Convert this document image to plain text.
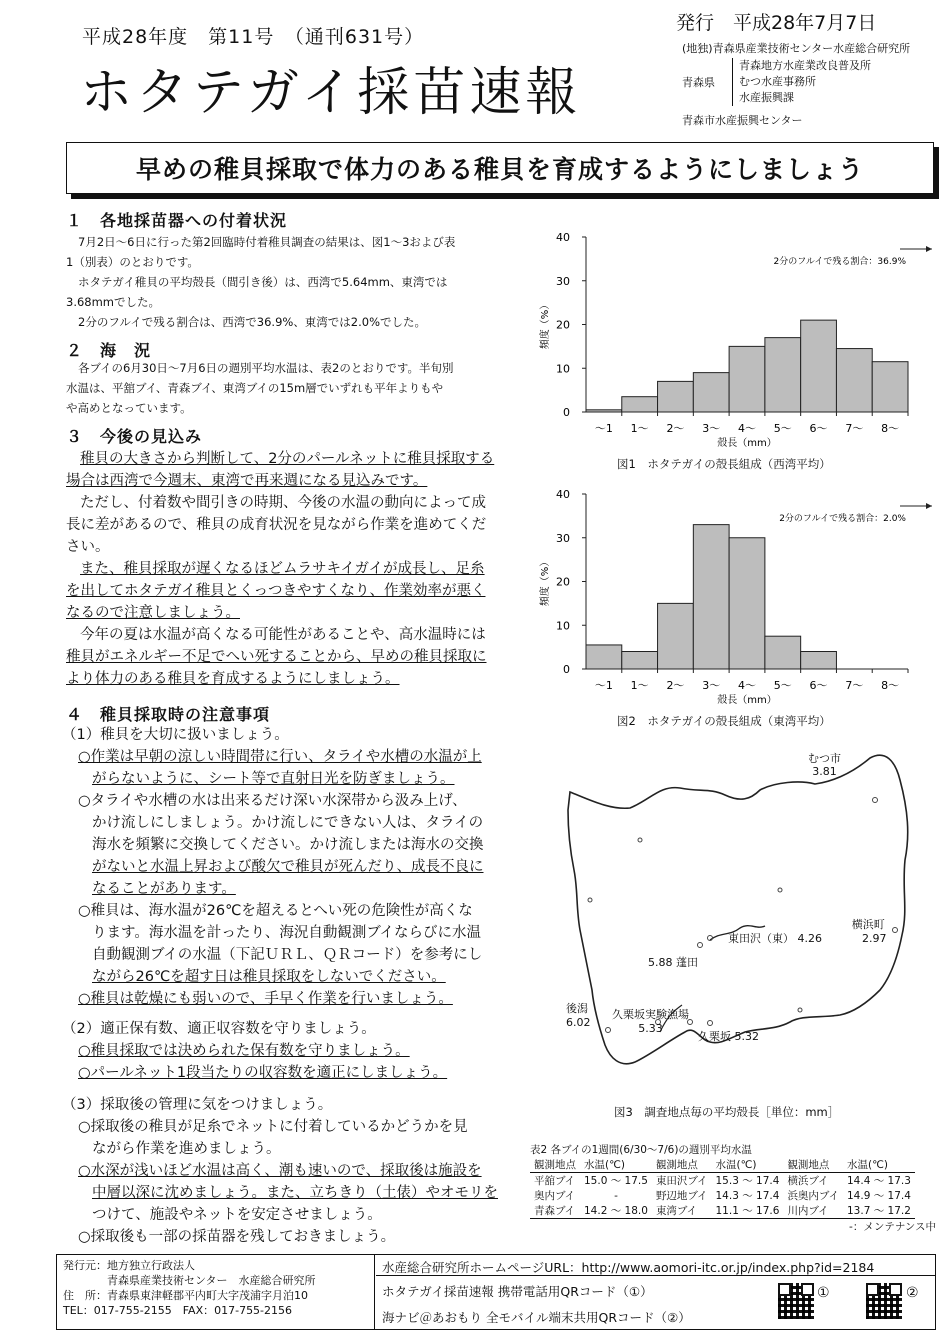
平成28年度　第11号　（通刊631号）
発行　平成28年7月7日
(地独)青森県産業技術センター水産総合研究所
青森県
青森地方水産業改良普及所
むつ水産事務所
水産振興課
青森市水産振興センター
ホタテガイ採苗速報
早めの稚貝採取で体力のある稚貝を育成するようにしましょう
１　各地採苗器への付着状況
7月2日～6日に行った第2回臨時付着稚貝調査の結果は、図1～3および表
1（別表）のとおりです。
ホタテガイ稚貝の平均殻長（間引き後）は、西湾で5.64mm、東湾では
3.68mmでした。
2分のフルイで残る割合は、西湾で36.9%、東湾では2.0%でした。
２　海　況
各ブイの6月30日～7月6日の週別平均水温は、表2のとおりです。半旬別
水温は、平舘ブイ、青森ブイ、東湾ブイの15m層でいずれも平年よりもや
や高めとなっています。
３　今後の見込み
稚貝の大きさから判断して、2分のパールネットに稚貝採取する
場合は西湾で今週末、東湾で再来週になる見込みです。
ただし、付着数や間引きの時期、今後の水温の動向によって成
長に差があるので、稚貝の成育状況を見ながら作業を進めてくだ
さい。
また、稚貝採取が遅くなるほどムラサキイガイが成長し、足糸
を出してホタテガイ稚貝とくっつきやすくなり、作業効率が悪く
なるので注意しましょう。
今年の夏は水温が高くなる可能性があることや、高水温時には
稚貝がエネルギー不足でへい死することから、早めの稚貝採取に
より体力のある稚貝を育成するようにしましょう。
４　稚貝採取時の注意事項
（1）稚貝を大切に扱いましょう。
○作業は早朝の涼しい時間帯に行い、タライや水槽の水温が上
がらないように、シート等で直射日光を防ぎましょう。
○タライや水槽の水は出来るだけ深い水深帯から汲み上げ、
かけ流しにしましょう。かけ流しにできない人は、タライの
海水を頻繁に交換してください。かけ流しまたは海水の交換
がないと水温上昇および酸欠で稚貝が死んだり、成長不良に
なることがあります。
○稚貝は、海水温が26℃を超えるとへい死の危険性が高くな
ります。海水温を計ったり、海況自動観測ブイならびに水温
自動観測ブイの水温（下記ＵＲＬ、ＱＲコード）を参考にし
ながら26℃を超す日は稚貝採取をしないでください。
○稚貝は乾燥にも弱いので、手早く作業を行いましょう。
（2）適正保有数、適正収容数を守りましょう。
○稚貝採取では決められた保有数を守りましょう。
○パールネット1段当たりの収容数を適正にしましょう。
（3）採取後の管理に気をつけましょう。
○採取後の稚貝が足糸でネットに付着しているかどうかを見
ながら作業を進めましょう。
○水深が浅いほど水温は高く、潮も速いので、採取後は施設を
中層以深に沈めましょう。また、立ちきり（土俵）やオモリを
つけて、施設やネットを安定させましょう。
○採取後も一部の採苗器を残しておきましょう。
0
10
20
30
40
～1 1～ 2～ 3～ 4～ 5～ 6～ 7～ 8～
頻度（%）
殻長（mm）
2分のフルイで残る割合：36.9%
図1　ホタテガイの殻長組成（西湾平均）
0
10
20
30
40
～1 1～ 2～ 3～ 4～ 5～ 6～ 7～ 8～
頻度（%）
殻長（mm）
2分のフルイで残る割合：2.0%
図2　ホタテガイの殻長組成（東湾平均）
むつ市
3.81
東田沢（東） 4.26
横浜町
2.97
5.88 蓬田
後潟
6.02
久栗坂実験漁場
5.33
久栗坂 5.32
図3　調査地点毎の平均殻長［単位：mm］
表2 各ブイの1週間(6/30～7/6)の週別平均水温
観測地点	水温(℃)	観測地点	水温(℃)	観測地点	水温(℃)
平舘ブイ	15.0 ～ 17.5	東田沢ブイ	15.3 ～ 17.4	横浜ブイ	14.4 ～ 17.3
奥内ブイ	-	野辺地ブイ	14.3 ～ 17.4	浜奥内ブイ	14.9 ～ 17.4
青森ブイ	14.2 ～ 18.0	東湾ブイ	11.1 ～ 17.6	川内ブイ	13.7 ～ 17.2
-：メンテナンス中
発行元：地方独立行政法人
青森県産業技術センター　水産総合研究所
住　所：青森県東津軽郡平内町大字茂浦字月泊10
TEL：017-755-2155　FAX：017-755-2156
水産総合研究所ホームページURL：http://www.aomori-itc.or.jp/index.php?id=2184
ホタテガイ採苗速報 携帯電話用QRコード（①）
海ナビ＠あおもり 全モバイル端末共用QRコード（②）
①	②
